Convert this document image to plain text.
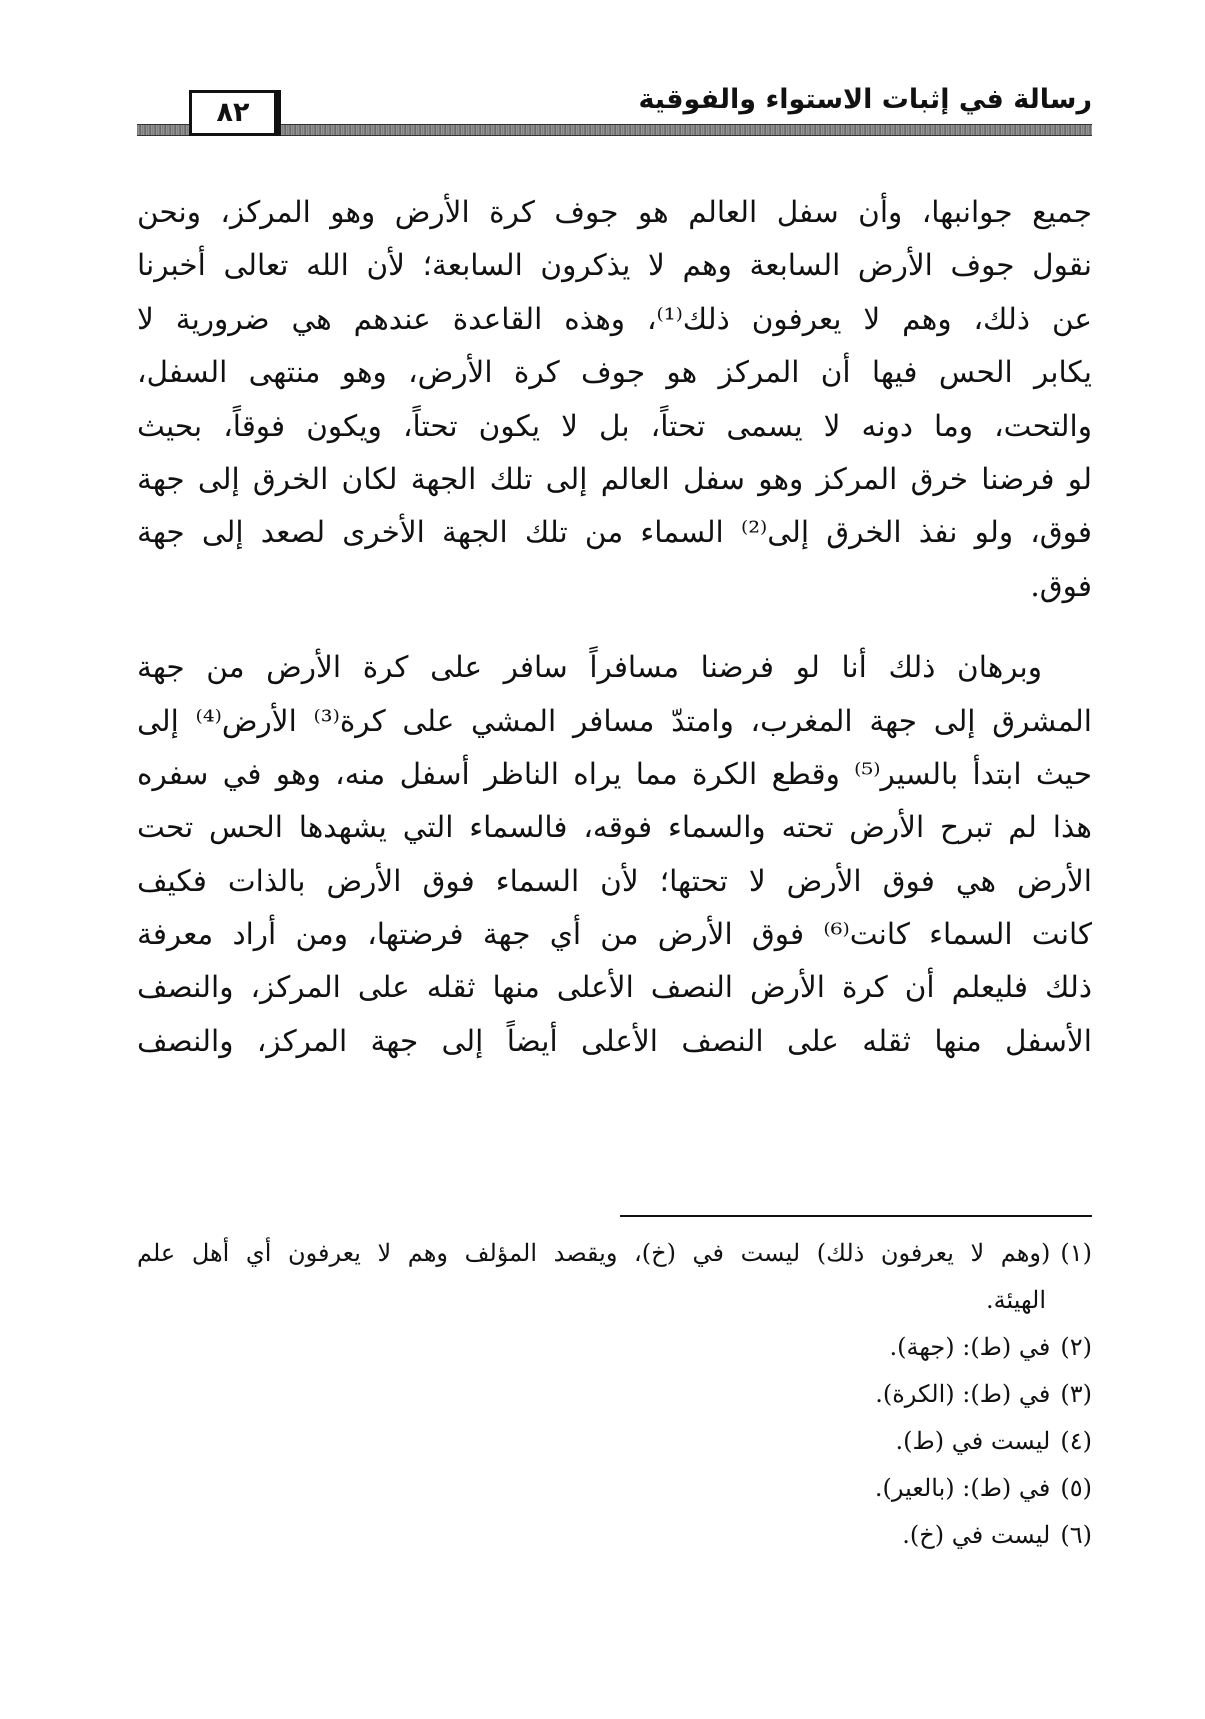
٨٢	رسالة في إثبات الاستواء والفوقية
جميع جوانبها، وأن سفل العالم هو جوف كرة الأرض وهو المركز، ونحن
نقول جوف الأرض السابعة وهم لا يذكرون السابعة؛ لأن الله تعالى أخبرنا
عن ذلك، وهم لا يعرفون ذلك⁽¹⁾، وهذه القاعدة عندهم هي ضرورية لا
يكابر الحس فيها أن المركز هو جوف كرة الأرض، وهو منتهى السفل،
والتحت، وما دونه لا يسمى تحتاً، بل لا يكون تحتاً، ويكون فوقاً، بحيث
لو فرضنا خرق المركز وهو سفل العالم إلى تلك الجهة لكان الخرق إلى جهة
فوق، ولو نفذ الخرق إلى⁽²⁾ السماء من تلك الجهة الأخرى لصعد إلى جهة
فوق.
وبرهان ذلك أنا لو فرضنا مسافراً سافر على كرة الأرض من جهة
المشرق إلى جهة المغرب، وامتدّ مسافر المشي على كرة⁽³⁾ الأرض⁽⁴⁾ إلى
حيث ابتدأ بالسير⁽⁵⁾ وقطع الكرة مما يراه الناظر أسفل منه، وهو في سفره
هذا لم تبرح الأرض تحته والسماء فوقه، فالسماء التي يشهدها الحس تحت
الأرض هي فوق الأرض لا تحتها؛ لأن السماء فوق الأرض بالذات فكيف
كانت السماء كانت⁽⁶⁾ فوق الأرض من أي جهة فرضتها، ومن أراد معرفة
ذلك فليعلم أن كرة الأرض النصف الأعلى منها ثقله على المركز، والنصف
الأسفل منها ثقله على النصف الأعلى أيضاً إلى جهة المركز، والنصف
(١)(وهم لا يعرفون ذلك) ليست في (خ)، ويقصد المؤلف وهم لا يعرفون أي أهل علم
الهيئة.
(٢)في (ط): (جهة).
(٣)في (ط): (الكرة).
(٤)ليست في (ط).
(٥)في (ط): (بالعير).
(٦)ليست في (خ).
